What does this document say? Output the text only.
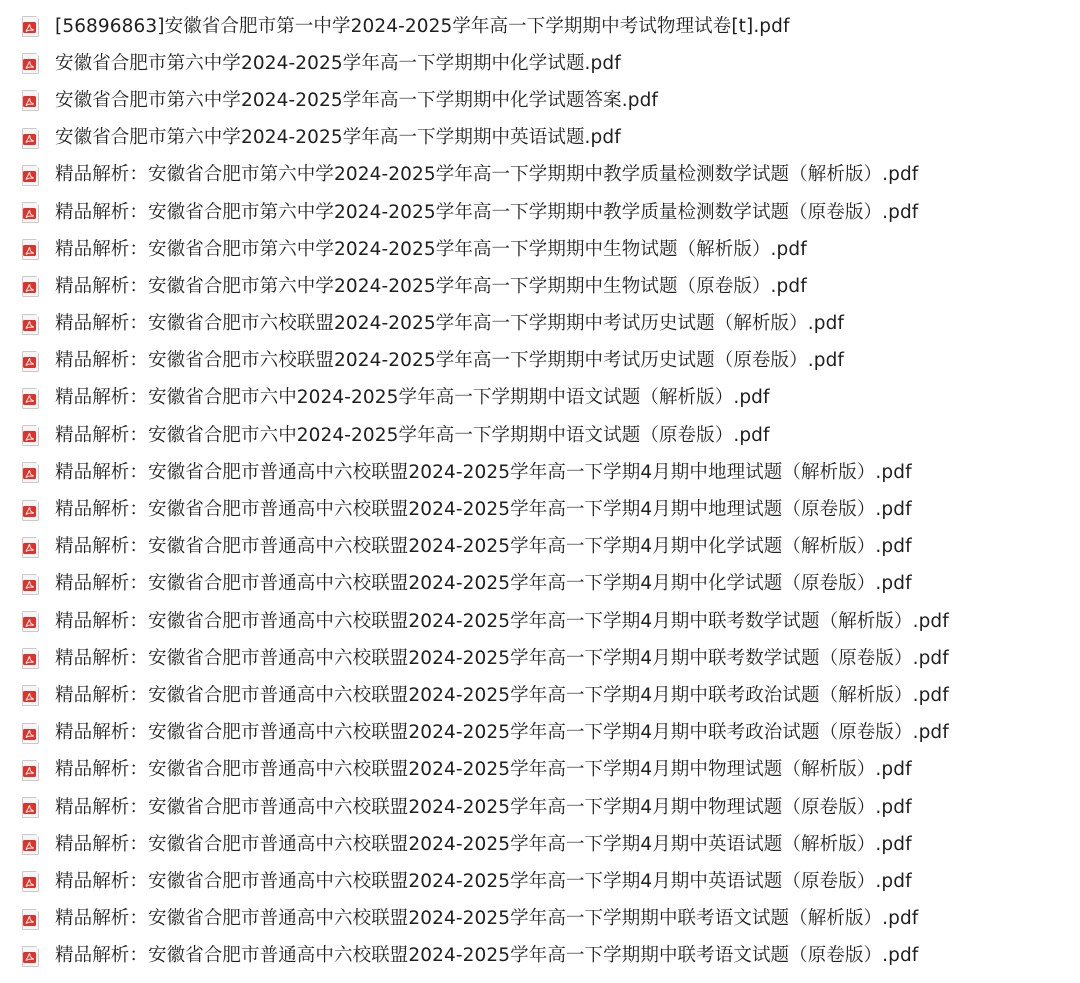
[56896863]安徽省合肥市第一中学2024-2025学年高一下学期期中考试物理试卷[t].pdf
安徽省合肥市第六中学2024-2025学年高一下学期期中化学试题.pdf
安徽省合肥市第六中学2024-2025学年高一下学期期中化学试题答案.pdf
安徽省合肥市第六中学2024-2025学年高一下学期期中英语试题.pdf
精品解析：安徽省合肥市第六中学2024-2025学年高一下学期期中教学质量检测数学试题（解析版）.pdf
精品解析：安徽省合肥市第六中学2024-2025学年高一下学期期中教学质量检测数学试题（原卷版）.pdf
精品解析：安徽省合肥市第六中学2024-2025学年高一下学期期中生物试题（解析版）.pdf
精品解析：安徽省合肥市第六中学2024-2025学年高一下学期期中生物试题（原卷版）.pdf
精品解析：安徽省合肥市六校联盟2024-2025学年高一下学期期中考试历史试题（解析版）.pdf
精品解析：安徽省合肥市六校联盟2024-2025学年高一下学期期中考试历史试题（原卷版）.pdf
精品解析：安徽省合肥市六中2024-2025学年高一下学期期中语文试题（解析版）.pdf
精品解析：安徽省合肥市六中2024-2025学年高一下学期期中语文试题（原卷版）.pdf
精品解析：安徽省合肥市普通高中六校联盟2024-2025学年高一下学期4月期中地理试题（解析版）.pdf
精品解析：安徽省合肥市普通高中六校联盟2024-2025学年高一下学期4月期中地理试题（原卷版）.pdf
精品解析：安徽省合肥市普通高中六校联盟2024-2025学年高一下学期4月期中化学试题（解析版）.pdf
精品解析：安徽省合肥市普通高中六校联盟2024-2025学年高一下学期4月期中化学试题（原卷版）.pdf
精品解析：安徽省合肥市普通高中六校联盟2024-2025学年高一下学期4月期中联考数学试题（解析版）.pdf
精品解析：安徽省合肥市普通高中六校联盟2024-2025学年高一下学期4月期中联考数学试题（原卷版）.pdf
精品解析：安徽省合肥市普通高中六校联盟2024-2025学年高一下学期4月期中联考政治试题（解析版）.pdf
精品解析：安徽省合肥市普通高中六校联盟2024-2025学年高一下学期4月期中联考政治试题（原卷版）.pdf
精品解析：安徽省合肥市普通高中六校联盟2024-2025学年高一下学期4月期中物理试题（解析版）.pdf
精品解析：安徽省合肥市普通高中六校联盟2024-2025学年高一下学期4月期中物理试题（原卷版）.pdf
精品解析：安徽省合肥市普通高中六校联盟2024-2025学年高一下学期4月期中英语试题（解析版）.pdf
精品解析：安徽省合肥市普通高中六校联盟2024-2025学年高一下学期4月期中英语试题（原卷版）.pdf
精品解析：安徽省合肥市普通高中六校联盟2024-2025学年高一下学期期中联考语文试题（解析版）.pdf
精品解析：安徽省合肥市普通高中六校联盟2024-2025学年高一下学期期中联考语文试题（原卷版）.pdf
